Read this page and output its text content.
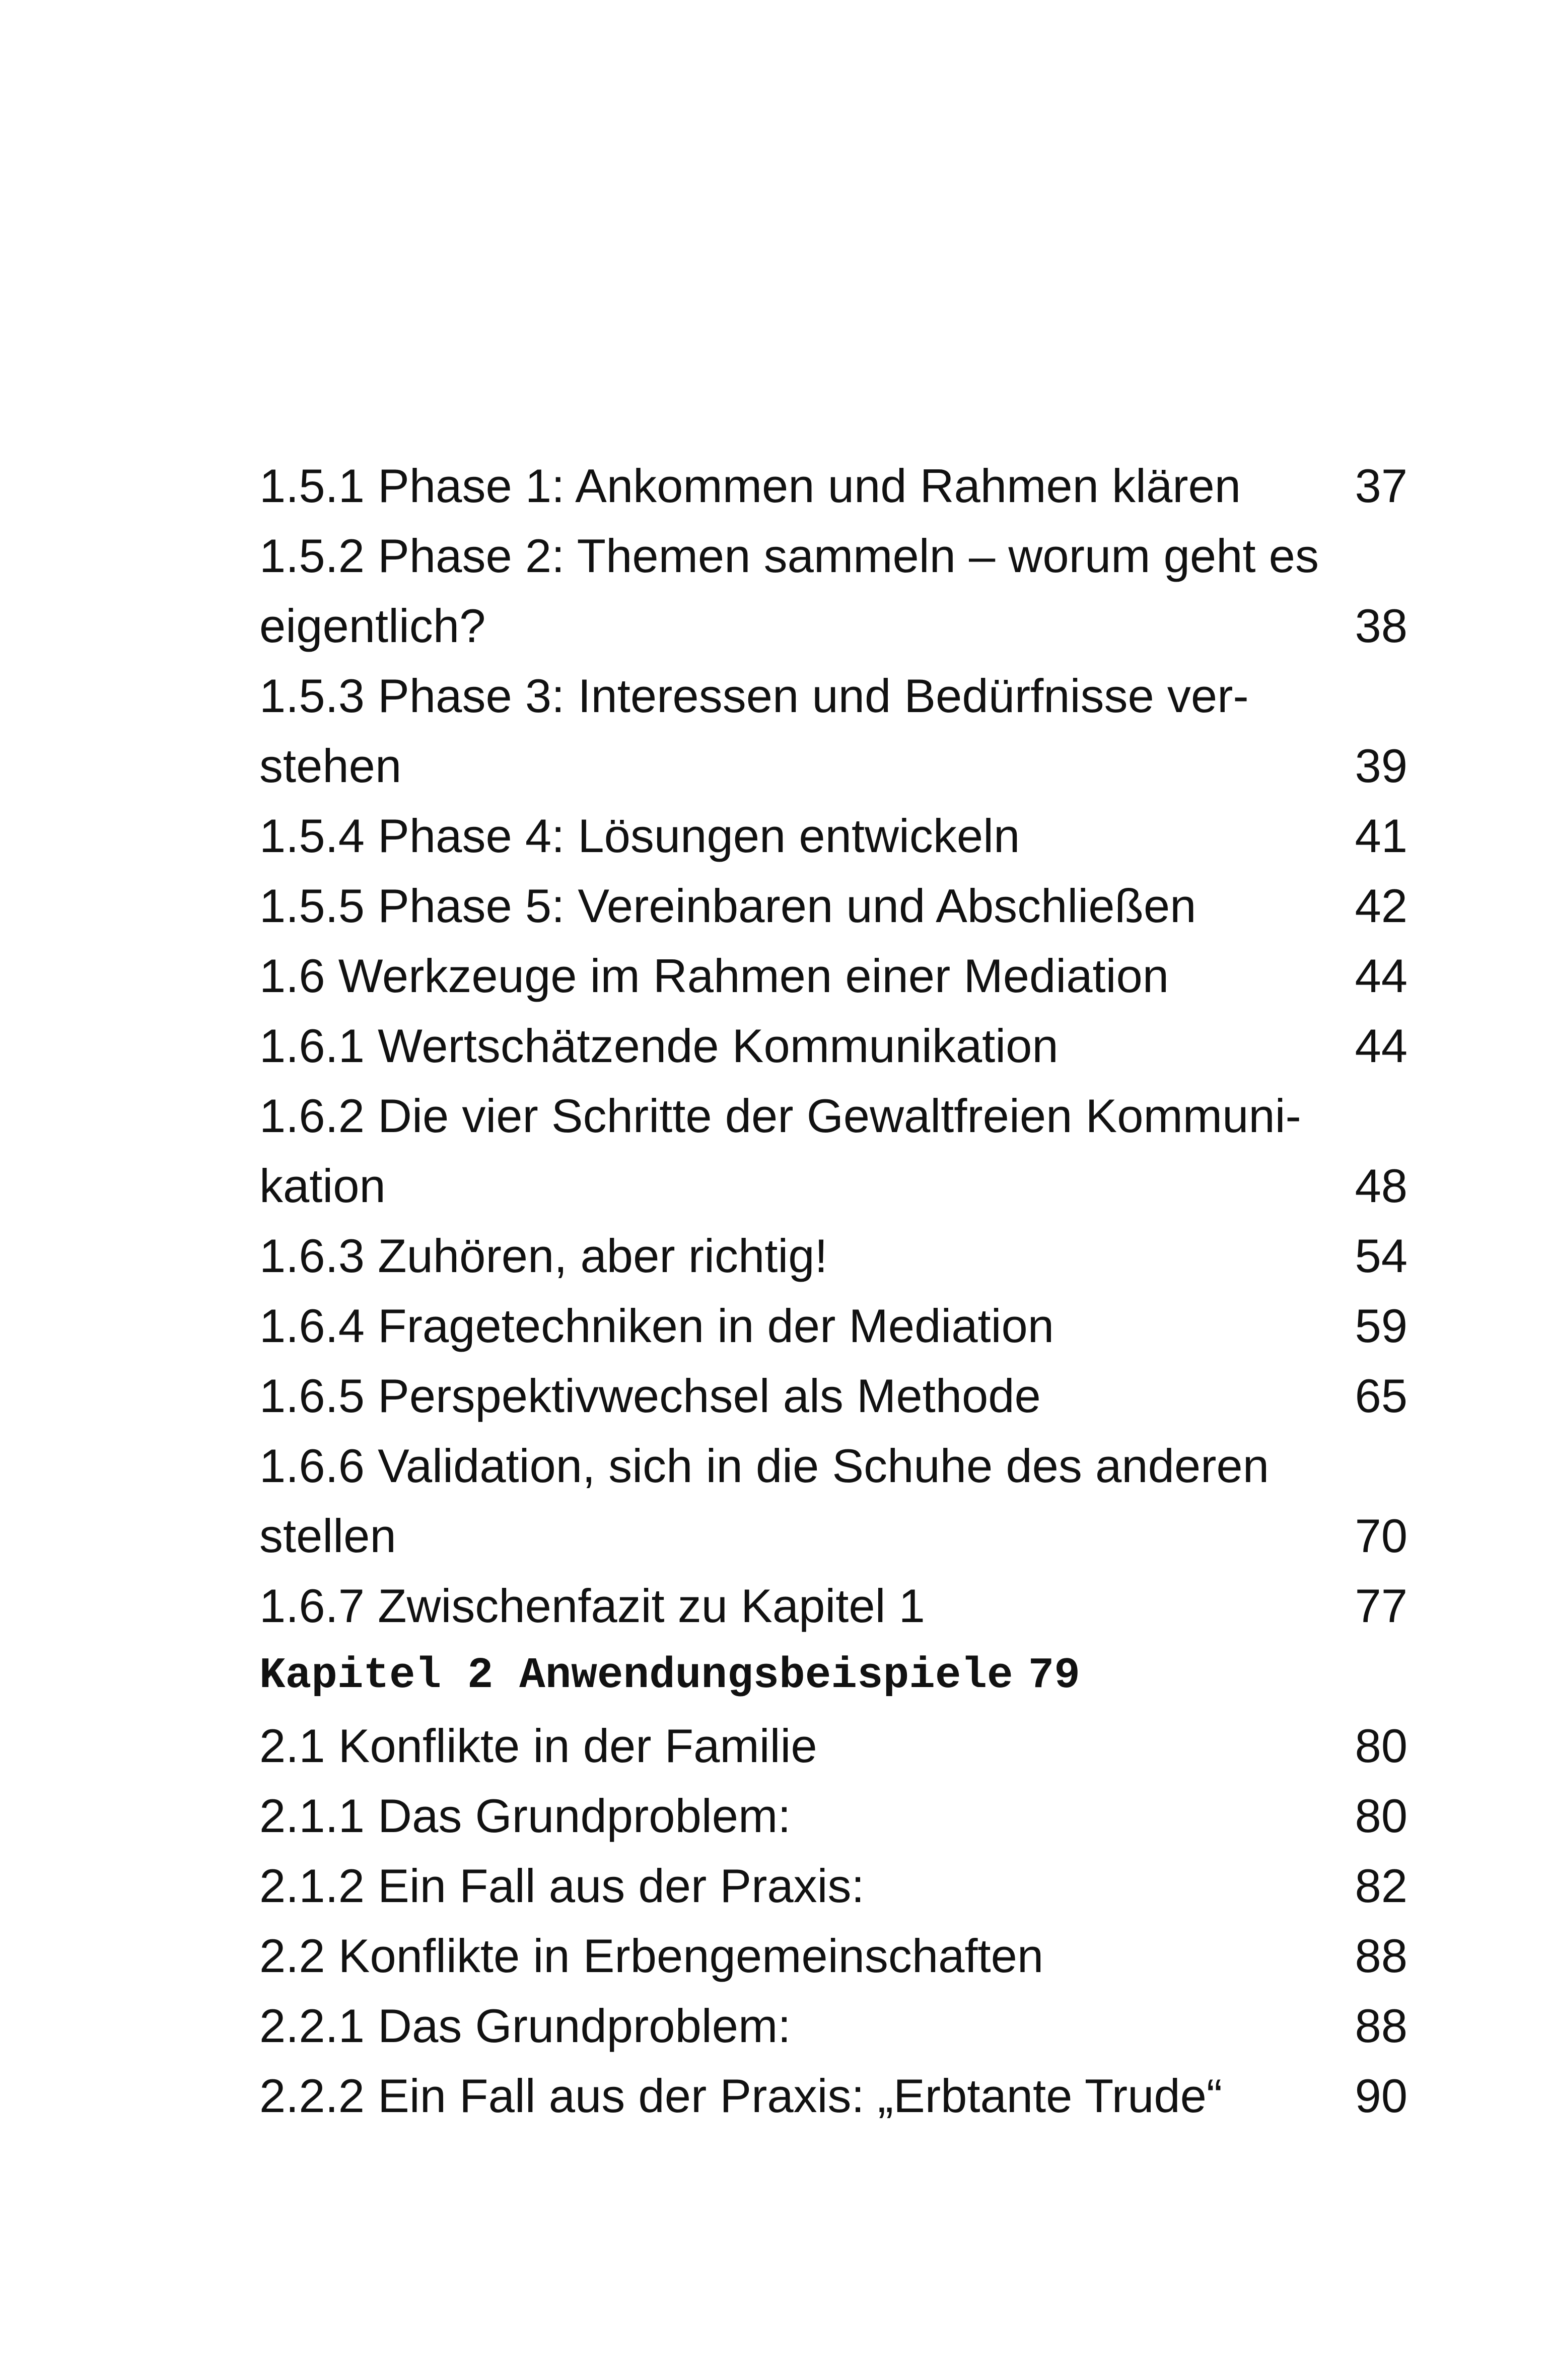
1.5.1 Phase 1: Ankommen und Rahmen klären 37
1.5.2 Phase 2: Themen sammeln – worum geht es
eigentlich?	38
1.5.3 Phase 3: Interessen und Bedürfnisse ver-
stehen	39
1.5.4 Phase 4: Lösungen entwickeln	41
1.5.5 Phase 5: Vereinbaren und Abschließen	42
1.6 Werkzeuge im Rahmen einer Mediation	44
1.6.1 Wertschätzende Kommunikation	44
1.6.2 Die vier Schritte der Gewaltfreien Kommuni-
kation	48
1.6.3 Zuhören, aber richtig!	54
1.6.4 Fragetechniken in der Mediation	59
1.6.5 Perspektivwechsel als Methode	65
1.6.6 Validation, sich in die Schuhe des anderen
stellen	70
1.6.7 Zwischenfazit zu Kapitel 1	77
Kapitel 2 Anwendungsbeispiele 79
2.1 Konflikte in der Familie	80
2.1.1 Das Grundproblem:	80
2.1.2 Ein Fall aus der Praxis:	82
2.2 Konflikte in Erbengemeinschaften	88
2.2.1 Das Grundproblem:	88
2.2.2 Ein Fall aus der Praxis: „Erbtante Trude“	90
